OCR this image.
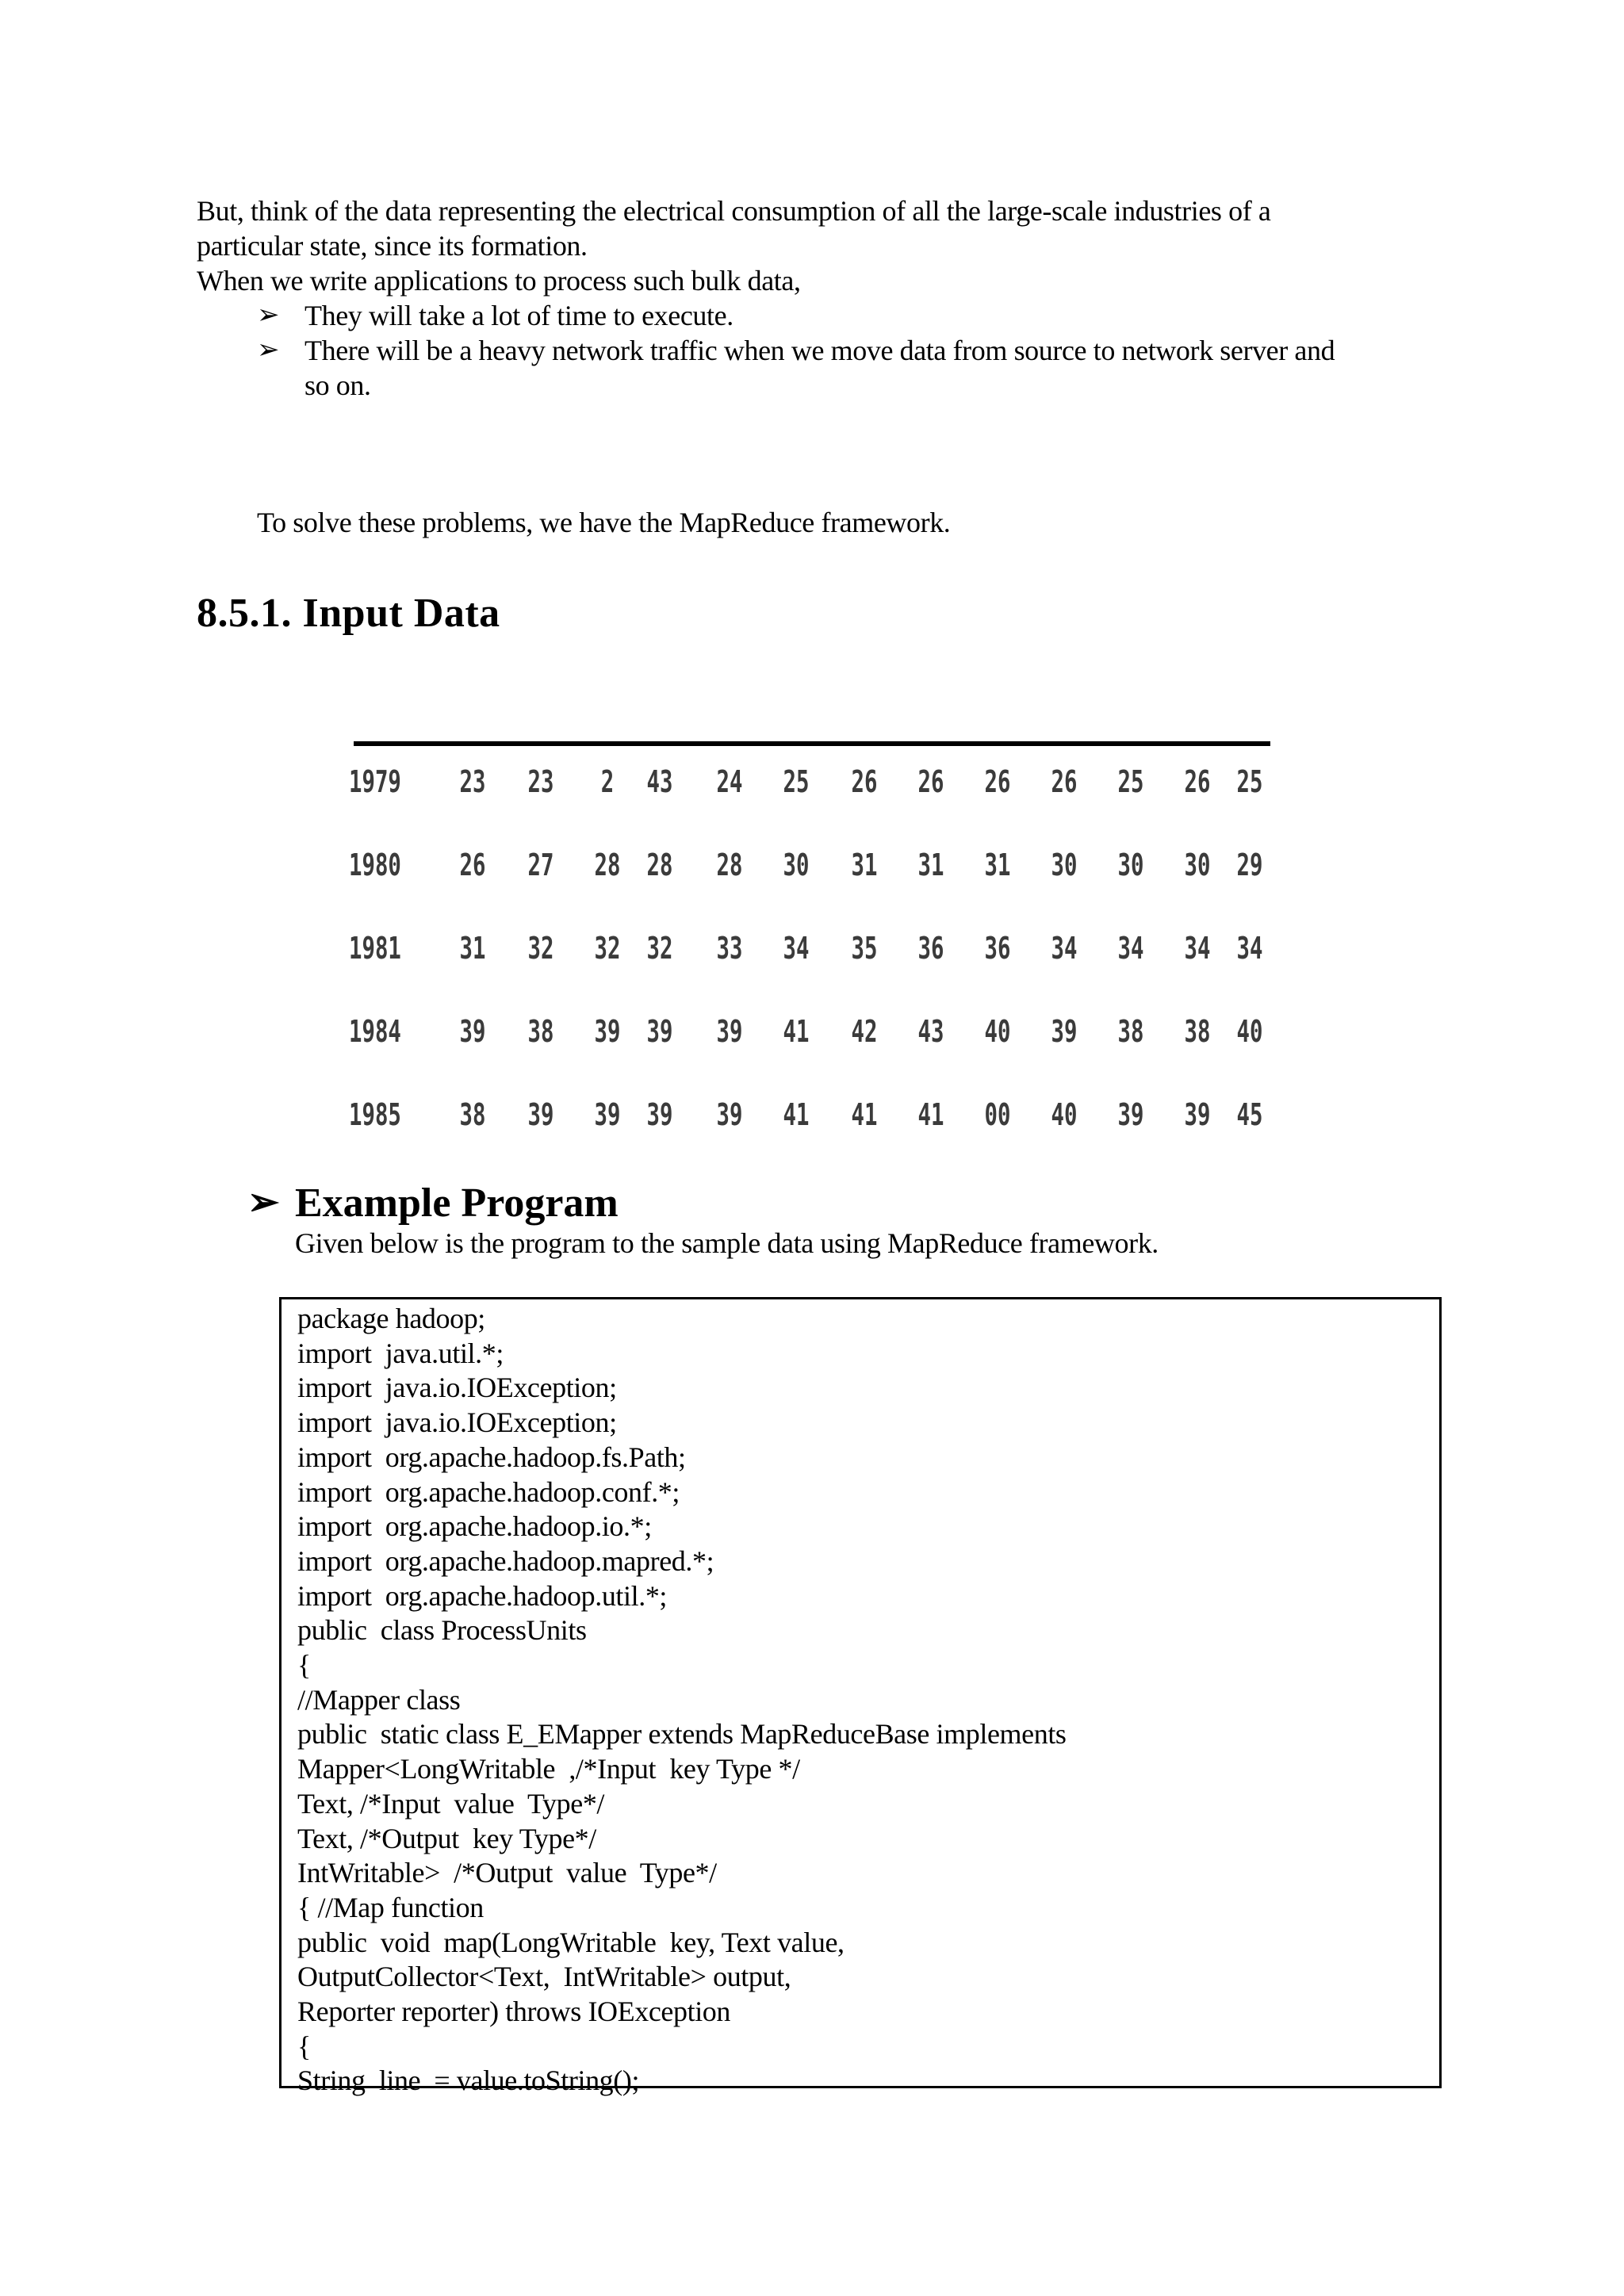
But, think of the data representing the electrical consumption of all the large-scale industries of a
particular state, since its formation.
When we write applications to process such bulk data,
➢ They will take a lot of time to execute.
➢ There will be a heavy network traffic when we move data from source to network server and
so on.
To solve these problems, we have the MapReduce framework.
8.5.1. Input Data
1979 23 23	2	43 24 25 26 26 26 26 25 26 25
1980 26 27 28 28 28 30 31 31 31 30 30 30 29
1981 31 32 32 32 33 34 35 36 36 34 34 34 34
1984 39 38 39 39 39 41 42 43 40 39 38 38 40
1985 38 39 39 39 39 41 41 41 00 40 39 39 45
➢ Example Program
Given below is the program to the sample data using MapReduce framework.
package hadoop;
import  java.util.*;
import  java.io.IOException;
import  java.io.IOException;
import  org.apache.hadoop.fs.Path;
import  org.apache.hadoop.conf.*;
import  org.apache.hadoop.io.*;
import  org.apache.hadoop.mapred.*;
import  org.apache.hadoop.util.*;
public  class ProcessUnits
{
//Mapper class
public  static class E_EMapper extends MapReduceBase implements
Mapper<LongWritable  ,/*Input  key Type */
Text, /*Input  value  Type*/
Text, /*Output  key Type*/
IntWritable>  /*Output  value  Type*/
{ //Map function
public  void  map(LongWritable  key, Text value,
OutputCollector<Text,  IntWritable> output,
Reporter reporter) throws IOException
{
String  line  = value.toString();
